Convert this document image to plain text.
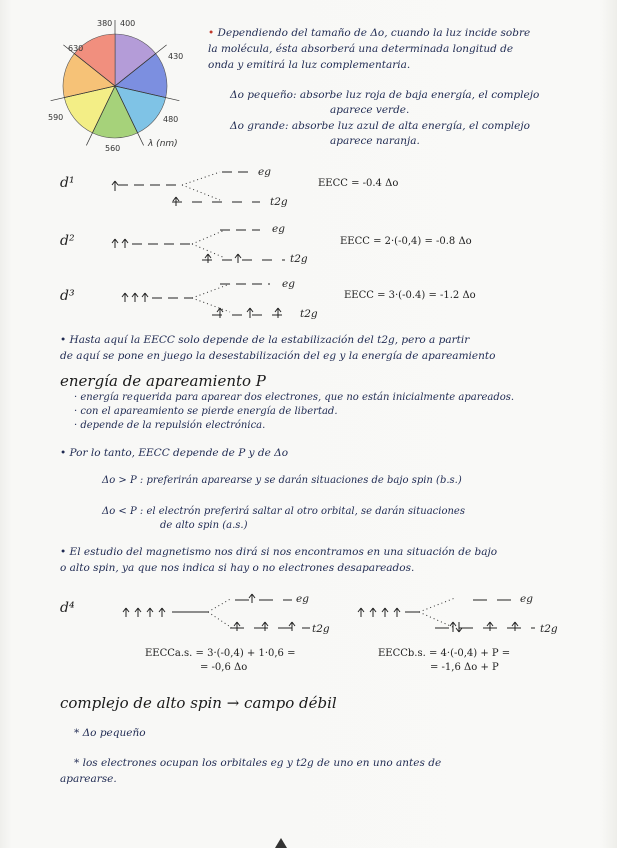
630
380 400
430
480
560
590
λ (nm)
• Dependiendo del tamaño de Δo, cuando la luz incide sobre
la molécula, ésta absorberá una determinada longitud de
onda y emitirá la luz complementaria.
Δo pequeño: absorbe luz roja de baja energía, el complejo
aparece verde.
Δo grande: absorbe luz azul de alta energía, el complejo
aparece naranja.
d¹
eg
t2g
EECC = -0.4 Δo
d²
eg
t2g
EECC = 2·(-0,4) = -0.8 Δo
d³
eg
t2g
EECC = 3·(-0.4) = -1.2 Δo
• Hasta aquí la EECC solo depende de la estabilización del t2g, pero a partir
de aquí se pone en juego la desestabilización del eg y la energía de apareamiento
energía de apareamiento P
· energía requerida para aparear dos electrones, que no están inicialmente apareados.
· con el apareamiento se pierde energía de libertad.
· depende de la repulsión electrónica.
• Por lo tanto, EECC depende de P y de Δo
Δo > P : preferirán aparearse y se darán situaciones de bajo spin (b.s.)
Δo < P : el electrón preferirá saltar al otro orbital, se darán situaciones
de alto spin (a.s.)
• El estudio del magnetismo nos dirá si nos encontramos en una situación de bajo
o alto spin, ya que nos indica si hay o no electrones desapareados.
d⁴
eg
t2g
eg
t2g
EECCa.s. = 3·(-0,4) + 1·0,6 =
= -0,6 Δo
EECCb.s. = 4·(-0,4) + P =
= -1,6 Δo + P
complejo de alto spin → campo débil
* Δo pequeño
* los electrones ocupan los orbitales eg y t2g de uno en uno antes de
aparearse.
